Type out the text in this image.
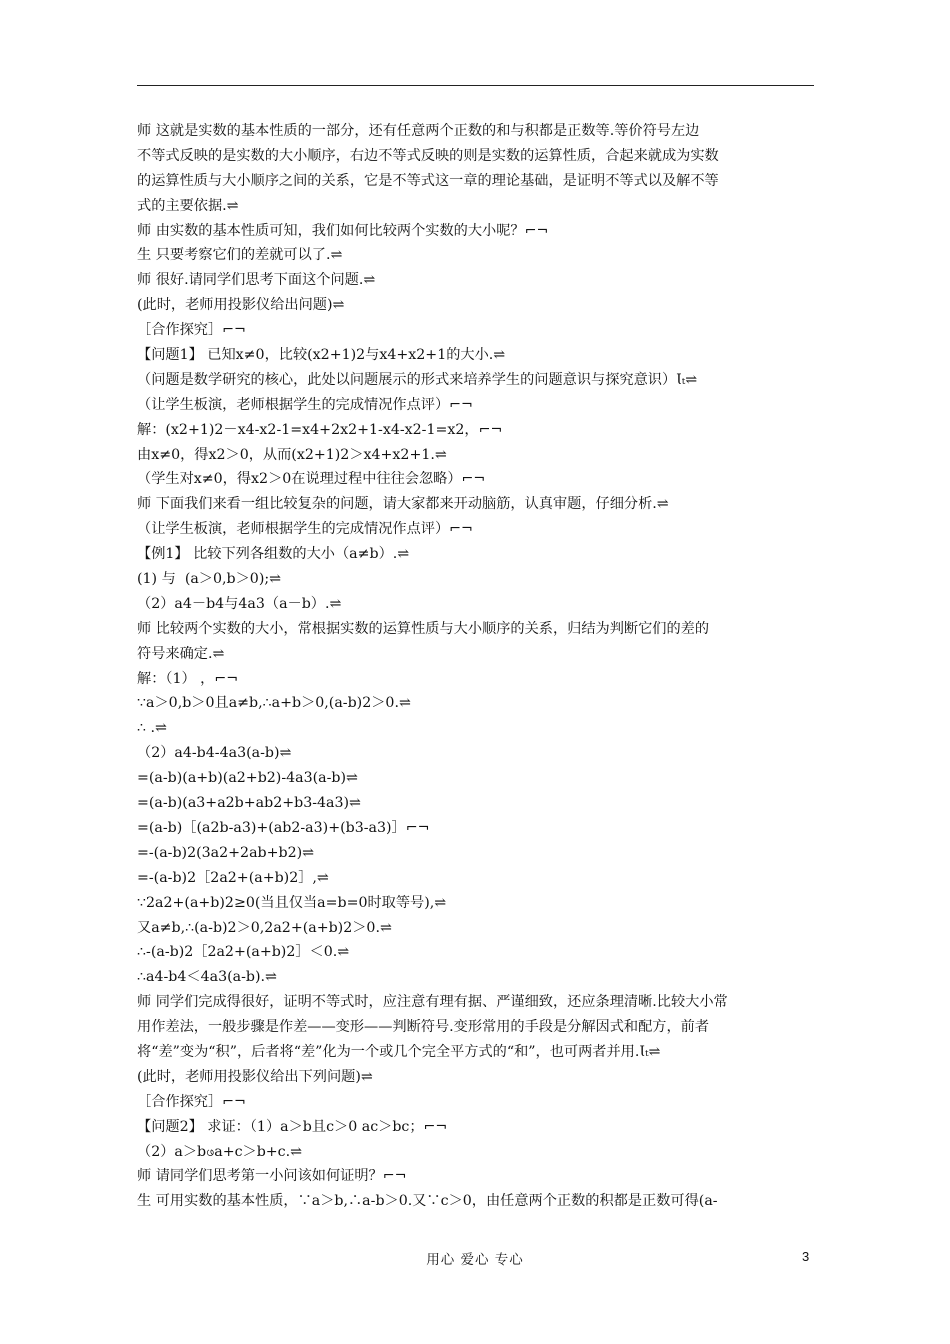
师 这就是实数的基本性质的一部分，还有任意两个正数的和与积都是正数等.等价符号左边
不等式反映的是实数的大小顺序，右边不等式反映的则是实数的运算性质，合起来就成为实数
的运算性质与大小顺序之间的关系，它是不等式这一章的理论基础，是证明不等式以及解不等
式的主要依据.⇌
师 由实数的基本性质可知，我们如何比较两个实数的大小呢？⌐¬
生 只要考察它们的差就可以了.⇌
师 很好.请同学们思考下面这个问题.⇌
(此时，老师用投影仪给出问题)⇌
［合作探究］⌐¬
【问题1】 已知x≠0，比较(x2+1)2与x4+x2+1的大小.⇌
（问题是数学研究的核心，此处以问题展示的形式来培养学生的问题意识与探究意识）Ɩₜ⇌
（让学生板演，老师根据学生的完成情况作点评）⌐¬
解：(x2+1)2－x4-x2-1=x4+2x2+1-x4-x2-1=x2，⌐¬
由x≠0，得x2＞0，从而(x2+1)2＞x4+x2+1.⇌
（学生对x≠0，得x2＞0在说理过程中往往会忽略）⌐¬
师 下面我们来看一组比较复杂的问题，请大家都来开动脑筋，认真审题，仔细分析.⇌
（让学生板演，老师根据学生的完成情况作点评）⌐¬
【例1】 比较下列各组数的大小（a≠b）.⇌
(1) 与  (a＞0,b＞0);⇌
（2）a4－b4与4a3（a－b）.⇌
师 比较两个实数的大小，常根据实数的运算性质与大小顺序的关系，归结为判断它们的差的
符号来确定.⇌
解：（1） ，⌐¬
∵a＞0,b＞0且a≠b,∴a+b＞0,(a-b)2＞0.⇌
∴ .⇌
（2）a4-b4-4a3(a-b)⇌
=(a-b)(a+b)(a2+b2)-4a3(a-b)⇌
=(a-b)(a3+a2b+ab2+b3-4a3)⇌
=(a-b)［(a2b-a3)+(ab2-a3)+(b3-a3)］⌐¬
=-(a-b)2(3a2+2ab+b2)⇌
=-(a-b)2［2a2+(a+b)2］,⇌
∵2a2+(a+b)2≥0(当且仅当a=b=0时取等号),⇌
又a≠b,∴(a-b)2＞0,2a2+(a+b)2＞0.⇌
∴-(a-b)2［2a2+(a+b)2］＜0.⇌
∴a4-b4＜4a3(a-b).⇌
师 同学们完成得很好，证明不等式时，应注意有理有据、严谨细致，还应条理清晰.比较大小常
用作差法，一般步骤是作差——变形——判断符号.变形常用的手段是分解因式和配方，前者
将“差”变为“积”，后者将“差”化为一个或几个完全平方式的“和”，也可两者并用.Ɩₜ⇌
(此时，老师用投影仪给出下列问题)⇌
［合作探究］⌐¬
【问题2】 求证：（1）a＞b且c＞0 ac＞bc；⌐¬
（2）a＞bဖa+c＞b+c.⇌
师 请同学们思考第一小问该如何证明？⌐¬
生 可用实数的基本性质，∵a＞b,∴a-b＞0.又∵c＞0，由任意两个正数的积都是正数可得(a-
用心 爱心 专心	3
